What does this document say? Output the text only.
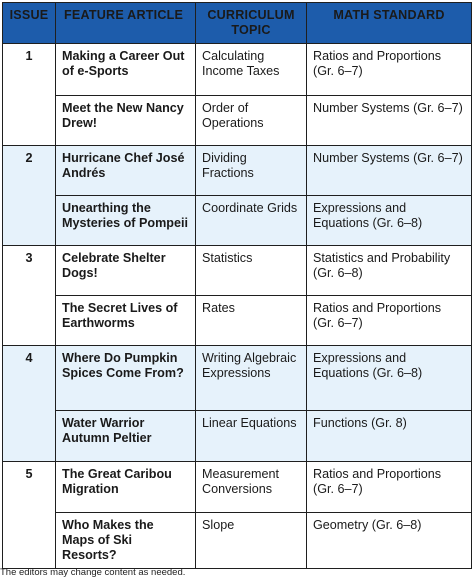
ISSUE	FEATURE ARTICLE	CURRICULUM TOPIC	MATH STANDARD
1	Making a Career Out of e-Sports	Calculating Income Taxes	Ratios and Proportions (Gr. 6–7)
	Meet the New Nancy Drew!	Order of Operations	Number Systems (Gr. 6–7)
2	Hurricane Chef José Andrés	Dividing Fractions	Number Systems (Gr. 6–7)
	Unearthing the Mysteries of Pompeii	Coordinate Grids	Expressions and Equations (Gr. 6–8)
3	Celebrate Shelter Dogs!	Statistics	Statistics and Probability (Gr. 6–8)
	The Secret Lives of Earthworms	Rates	Ratios and Proportions (Gr. 6–7)
4	Where Do Pumpkin Spices Come From?	Writing Algebraic Expressions	Expressions and Equations (Gr. 6–8)
	Water Warrior Autumn Peltier	Linear Equations	Functions (Gr. 8)
5	The Great Caribou Migration	Measurement Conversions	Ratios and Proportions (Gr. 6–7)
	Who Makes the Maps of Ski Resorts?	Slope	Geometry (Gr. 6–8)
The editors may change content as needed.
